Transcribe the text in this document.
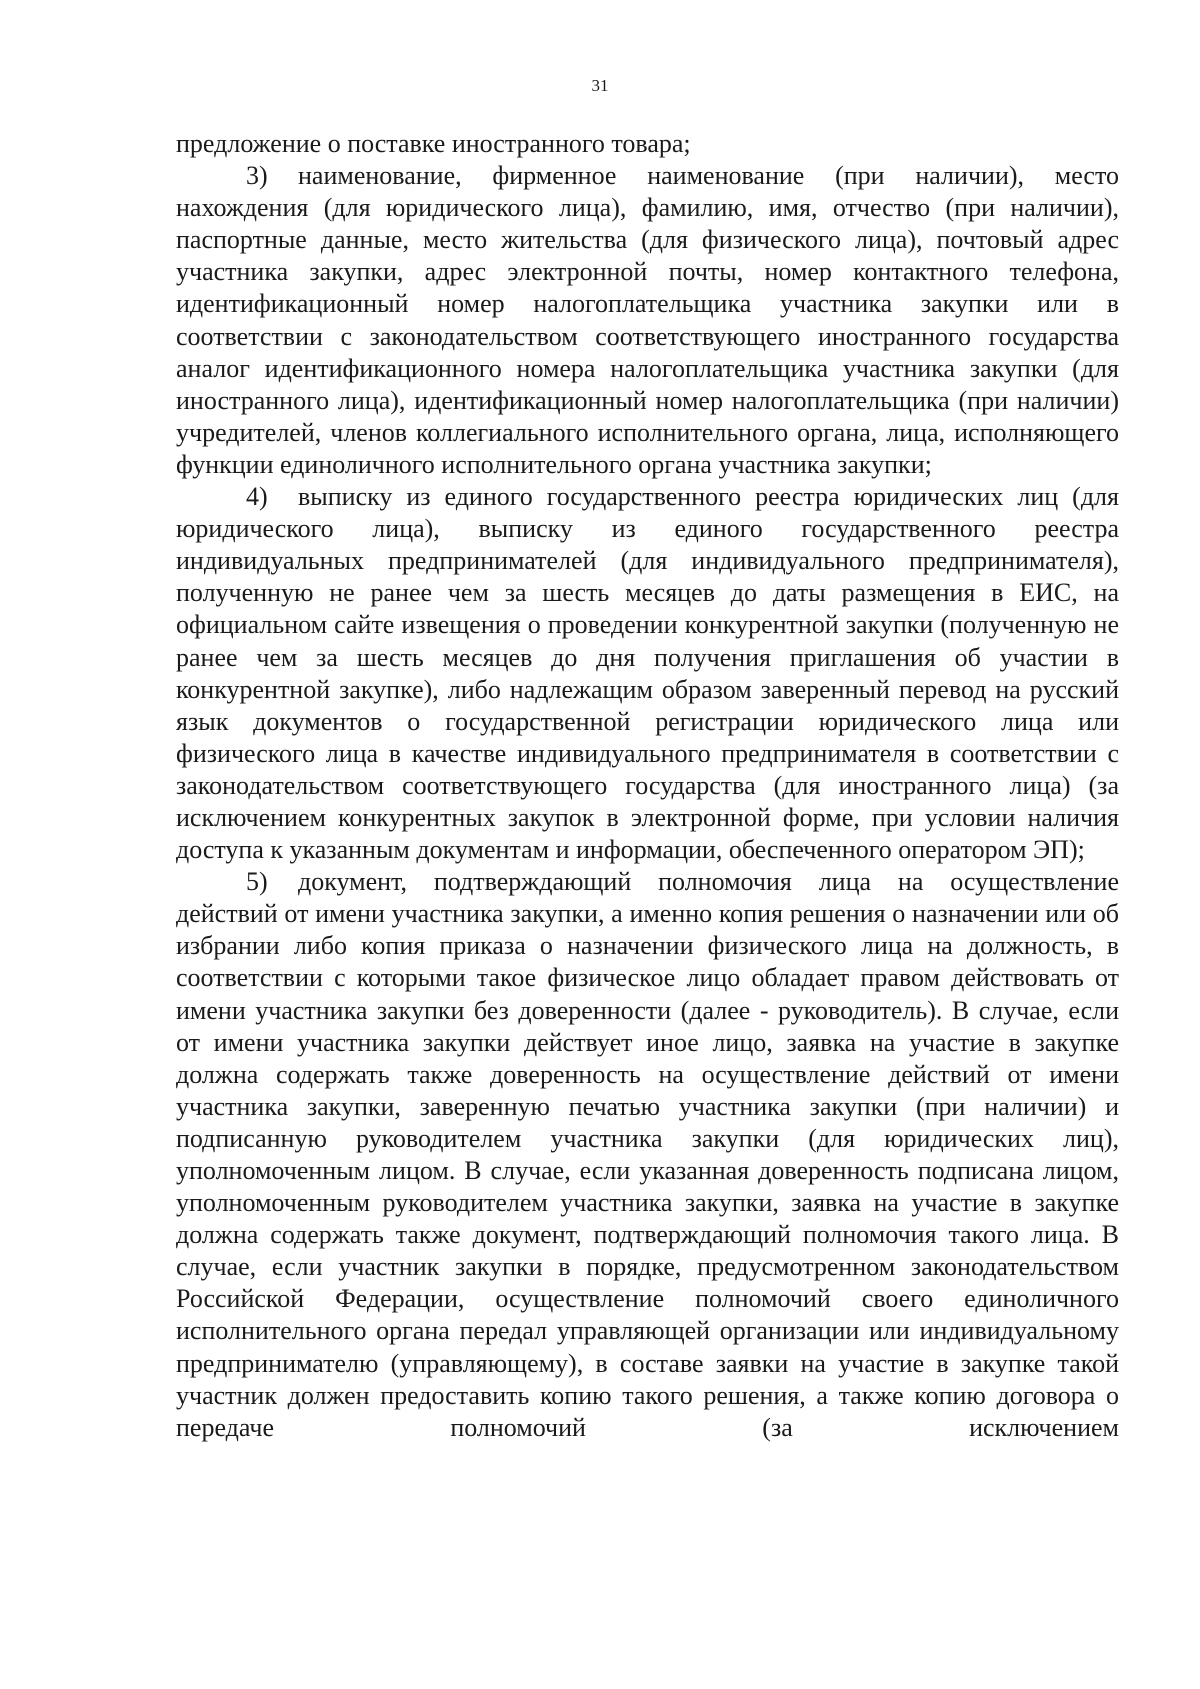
31

предложение о поставке иностранного товара;

3) наименование, фирменное наименование (при наличии), место нахождения (для юридического лица), фамилию, имя, отчество (при наличии), паспортные данные, место жительства (для физического лица), почтовый адрес участника закупки, адрес электронной почты, номер контактного телефона, идентификационный номер налогоплательщика участника закупки или в соответствии с законодательством соответствующего иностранного государства аналог идентификационного номера налогоплательщика участника закупки (для иностранного лица), идентификационный номер налогоплательщика (при наличии) учредителей, членов коллегиального исполнительного органа, лица, исполняющего функции единоличного исполнительного органа участника закупки;

4) выписку из единого государственного реестра юридических лиц (для юридического лица), выписку из единого государственного реестра индивидуальных предпринимателей (для индивидуального предпринимателя), полученную не ранее чем за шесть месяцев до даты размещения в ЕИС, на официальном сайте извещения о проведении конкурентной закупки (полученную не ранее чем за шесть месяцев до дня получения приглашения об участии в конкурентной закупке), либо надлежащим образом заверенный перевод на русский язык документов о государственной регистрации юридического лица или физического лица в качестве индивидуального предпринимателя в соответствии с законодательством соответствующего государства (для иностранного лица) (за исключением конкурентных закупок в электронной форме, при условии наличия доступа к указанным документам и информации, обеспеченного оператором ЭП);

5) документ, подтверждающий полномочия лица на осуществление действий от имени участника закупки, а именно копия решения о назначении или об избрании либо копия приказа о назначении физического лица на должность, в соответствии с которыми такое физическое лицо обладает правом действовать от имени участника закупки без доверенности (далее - руководитель). В случае, если от имени участника закупки действует иное лицо, заявка на участие в закупке должна содержать также доверенность на осуществление действий от имени участника закупки, заверенную печатью участника закупки (при наличии) и подписанную руководителем участника закупки (для юридических лиц), уполномоченным лицом. В случае, если указанная доверенность подписана лицом, уполномоченным руководителем участника закупки, заявка на участие в закупке должна содержать также документ, подтверждающий полномочия такого лица. В случае, если участник закупки в порядке, предусмотренном законодательством Российской Федерации, осуществление полномочий своего единоличного исполнительного органа передал управляющей организации или индивидуальному предпринимателю (управляющему), в составе заявки на участие в закупке такой участник должен предоставить копию такого решения, а также копию договора о передаче полномочий (за исключением
